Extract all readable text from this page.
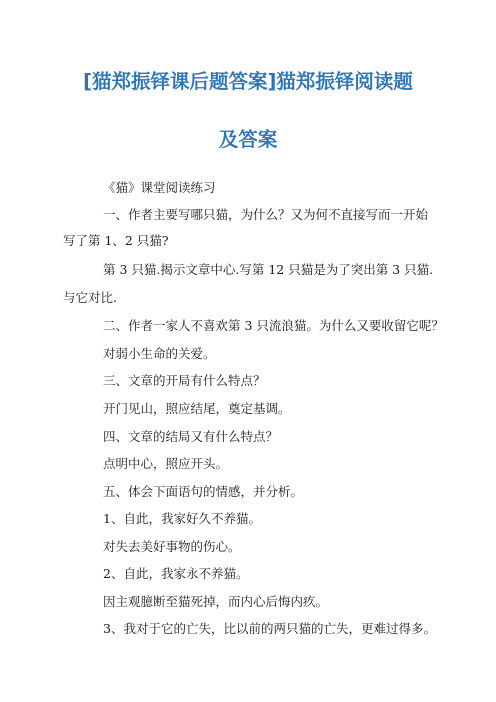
[猫郑振铎课后题答案]猫郑振铎阅读题
及答案
《猫》课堂阅读练习
一、作者主要写哪只猫，为什么？又为何不直接写而一开始
写了第 1、2 只猫?
第 3 只猫.揭示文章中心.写第 12 只猫是为了突出第 3 只猫.
与它对比.
二、作者一家人不喜欢第 3 只流浪猫。为什么又要收留它呢？
对弱小生命的关爱。
三、文章的开局有什么特点？
开门见山，照应结尾，奠定基调。
四、文章的结局又有什么特点？
点明中心，照应开头。
五、体会下面语句的情感，并分析。
1、自此，我家好久不养猫。
对失去美好事物的伤心。
2、自此，我家永不养猫。
因主观臆断至猫死掉，而内心后悔内疚。
3、我对于它的亡失，比以前的两只猫的亡失，更难过得多。
